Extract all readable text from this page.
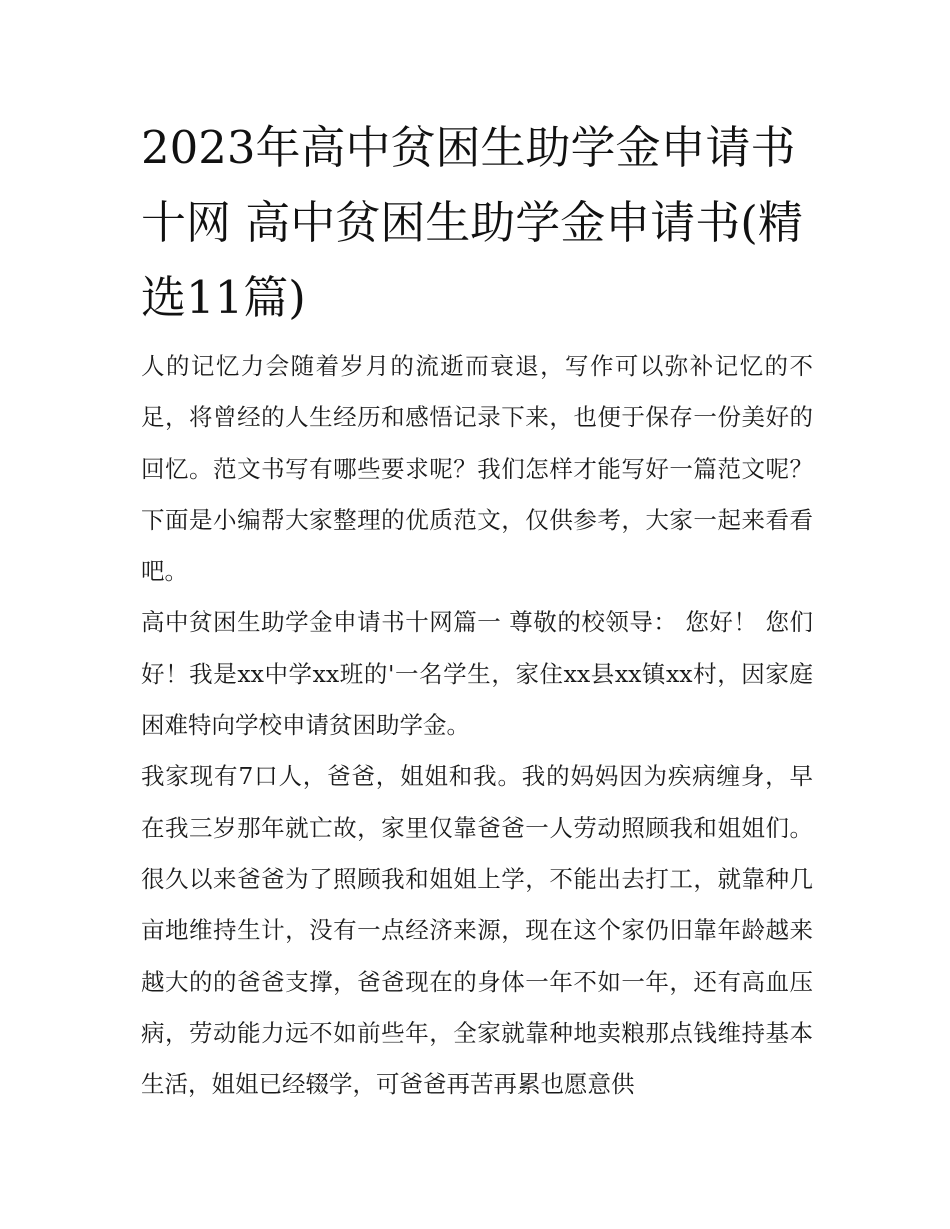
2023年高中贫困生助学金申请书十网 高中贫困生助学金申请书(精选11篇)

人的记忆力会随着岁月的流逝而衰退，写作可以弥补记忆的不足，将曾经的人生经历和感悟记录下来，也便于保存一份美好的回忆。范文书写有哪些要求呢？我们怎样才能写好一篇范文呢？下面是小编帮大家整理的优质范文，仅供参考，大家一起来看看吧。

高中贫困生助学金申请书十网篇一 尊敬的校领导： 您好！ 您们好！我是xx中学xx班的'一名学生，家住xx县xx镇xx村，因家庭困难特向学校申请贫困助学金。

我家现有7口人，爸爸，姐姐和我。我的妈妈因为疾病缠身，早在我三岁那年就亡故，家里仅靠爸爸一人劳动照顾我和姐姐们。很久以来爸爸为了照顾我和姐姐上学，不能出去打工，就靠种几亩地维持生计，没有一点经济来源，现在这个家仍旧靠年龄越来越大的的爸爸支撑，爸爸现在的身体一年不如一年，还有高血压病，劳动能力远不如前些年，全家就靠种地卖粮那点钱维持基本生活，姐姐已经辍学，可爸爸再苦再累也愿意供
